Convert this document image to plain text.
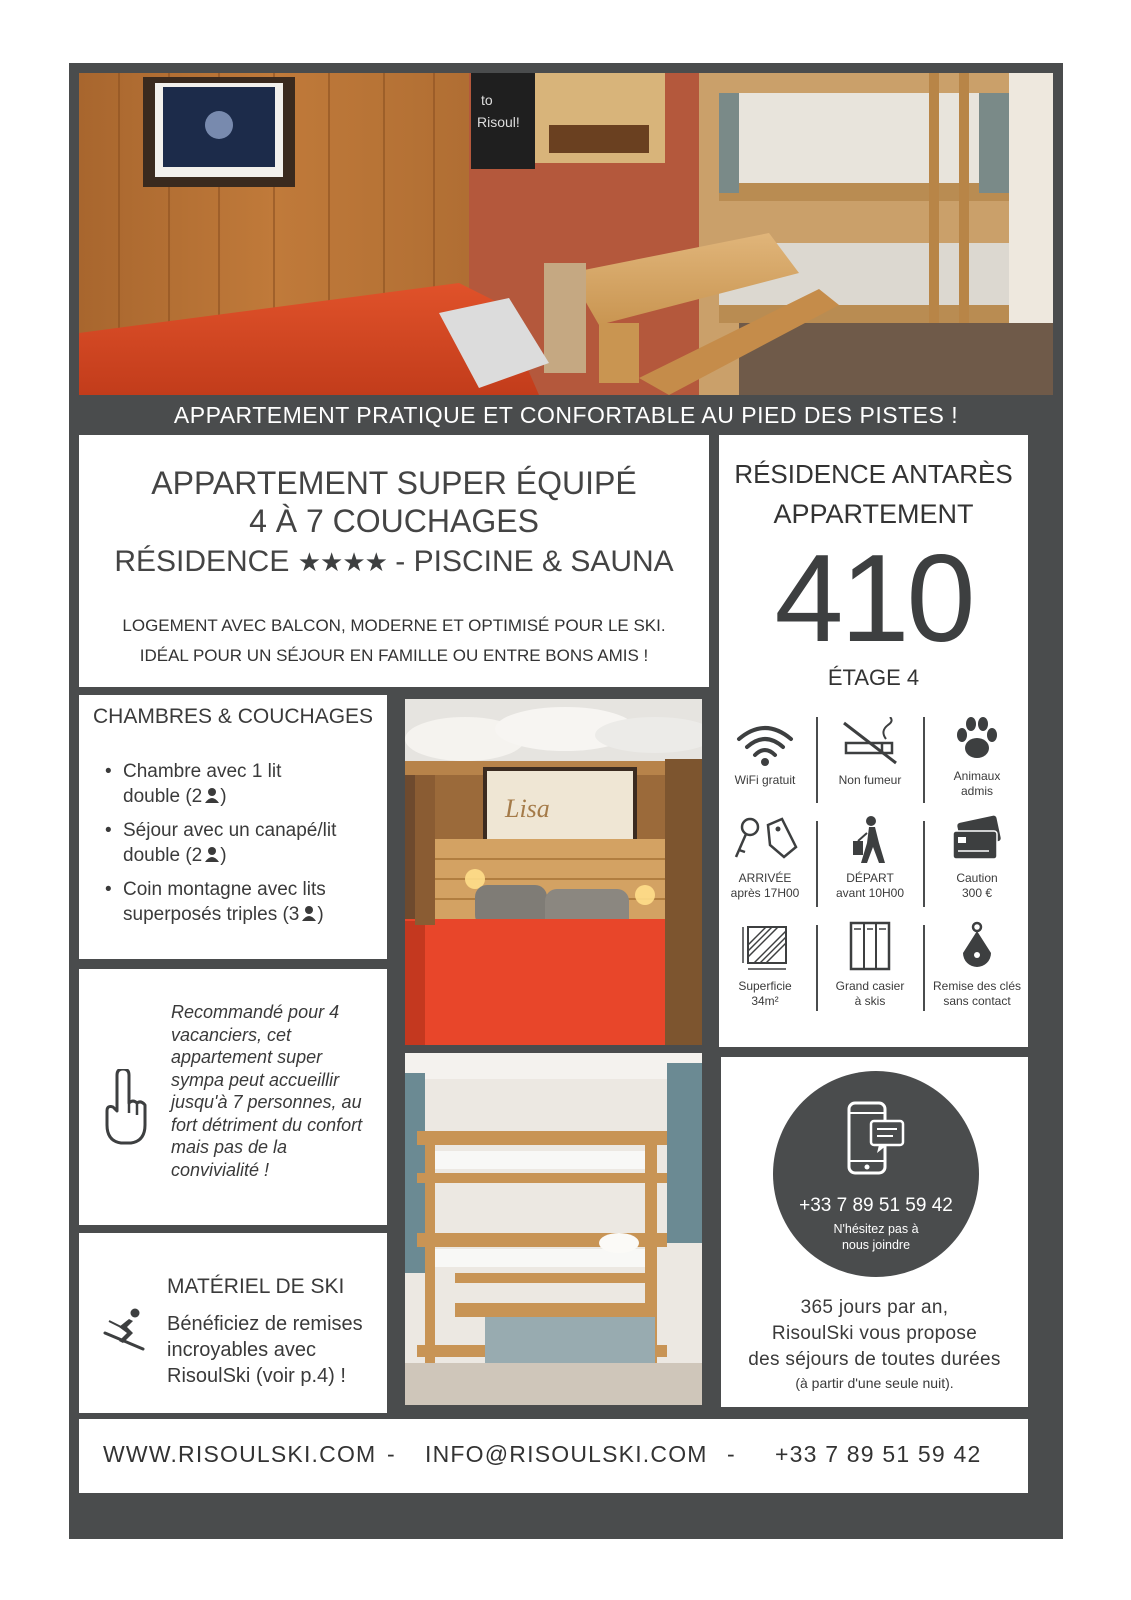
to
Risoul!
APPARTEMENT PRATIQUE ET CONFORTABLE AU PIED DES PISTES !
APPARTEMENT SUPER ÉQUIPÉ
4 À 7 COUCHAGES
RÉSIDENCE ★★★★ - PISCINE & SAUNA
LOGEMENT AVEC BALCON, MODERNE ET OPTIMISÉ POUR LE SKI.
IDÉAL POUR UN SÉJOUR EN FAMILLE OU ENTRE BONS AMIS !
RÉSIDENCE ANTARÈS
APPARTEMENT
410
ÉTAGE 4
WiFi gratuit	Non fumeur	Animaux
admis
ARRIVÉE
après 17H00
DÉPART
avant 10H00
Caution
300 €
Superficie
34m²
Grand casier
à skis
Remise des clés
sans contact
CHAMBRES & COUCHAGES
• Chambre avec 1 lit
double (2 )
• Séjour avec un canapé/lit
double (2 )
• Coin montagne avec lits
superposés triples (3 )
Recommandé pour 4 vacanciers, cet appartement super sympa peut accueillir jusqu'à 7 personnes, au fort détriment du confort mais pas de la convivialité !
MATÉRIEL DE SKI
Bénéficiez de remises incroyables avec RisoulSki (voir p.4) !
Lisa
+33 7 89 51 59 42
N'hésitez pas à
nous joindre
365 jours par an,
RisoulSki vous propose
des séjours de toutes durées
(à partir d'une seule nuit).
WWW.RISOULSKI.COM - INFO@RISOULSKI.COM - +33 7 89 51 59 42
